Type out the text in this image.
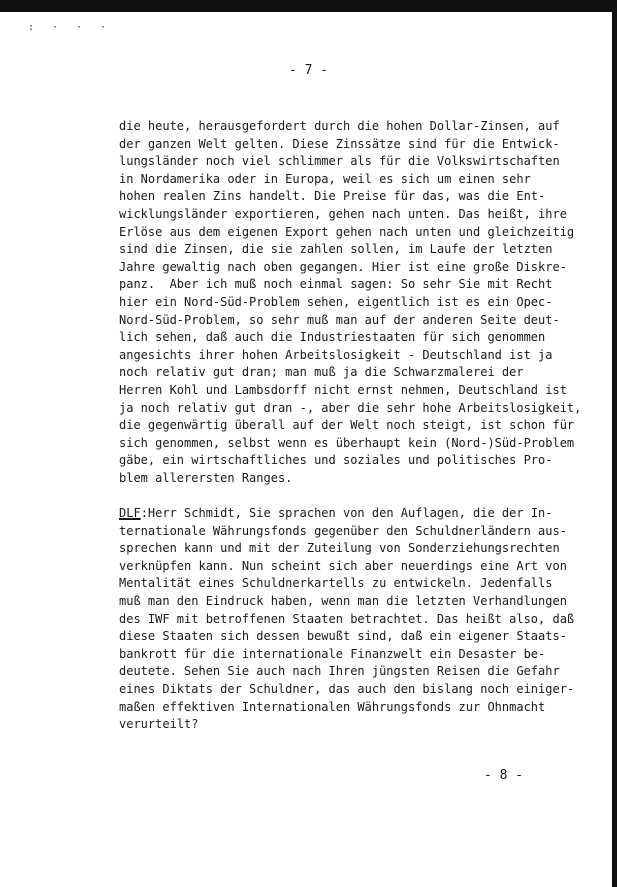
: · · ·
- 7 -
die heute, herausgefordert durch die hohen Dollar-Zinsen, auf
der ganzen Welt gelten. Diese Zinssätze sind für die Entwick-
lungsländer noch viel schlimmer als für die Volkswirtschaften
in Nordamerika oder in Europa, weil es sich um einen sehr
hohen realen Zins handelt. Die Preise für das, was die Ent-
wicklungsländer exportieren, gehen nach unten. Das heißt, ihre
Erlöse aus dem eigenen Export gehen nach unten und gleichzeitig
sind die Zinsen, die sie zahlen sollen, im Laufe der letzten
Jahre gewaltig nach oben gegangen. Hier ist eine große Diskre-
panz.  Aber ich muß noch einmal sagen: So sehr Sie mit Recht
hier ein Nord-Süd-Problem sehen, eigentlich ist es ein Opec-
Nord-Süd-Problem, so sehr muß man auf der anderen Seite deut-
lich sehen, daß auch die Industriestaaten für sich genommen
angesichts ihrer hohen Arbeitslosigkeit - Deutschland ist ja
noch relativ gut dran; man muß ja die Schwarzmalerei der
Herren Kohl und Lambsdorff nicht ernst nehmen, Deutschland ist
ja noch relativ gut dran -, aber die sehr hohe Arbeitslosigkeit,
die gegenwärtig überall auf der Welt noch steigt, ist schon für
sich genommen, selbst wenn es überhaupt kein (Nord-)Süd-Problem
gäbe, ein wirtschaftliches und soziales und politisches Pro-
blem allerersten Ranges.
DLF:Herr Schmidt, Sie sprachen von den Auflagen, die der In-
ternationale Währungsfonds gegenüber den Schuldnerländern aus-
sprechen kann und mit der Zuteilung von Sonderziehungsrechten
verknüpfen kann. Nun scheint sich aber neuerdings eine Art von
Mentalität eines Schuldnerkartells zu entwickeln. Jedenfalls
muß man den Eindruck haben, wenn man die letzten Verhandlungen
des IWF mit betroffenen Staaten betrachtet. Das heißt also, daß
diese Staaten sich dessen bewußt sind, daß ein eigener Staats-
bankrott für die internationale Finanzwelt ein Desaster be-
deutete. Sehen Sie auch nach Ihren jüngsten Reisen die Gefahr
eines Diktats der Schuldner, das auch den bislang noch einiger-
maßen effektiven Internationalen Währungsfonds zur Ohnmacht
verurteilt?
- 8 -
